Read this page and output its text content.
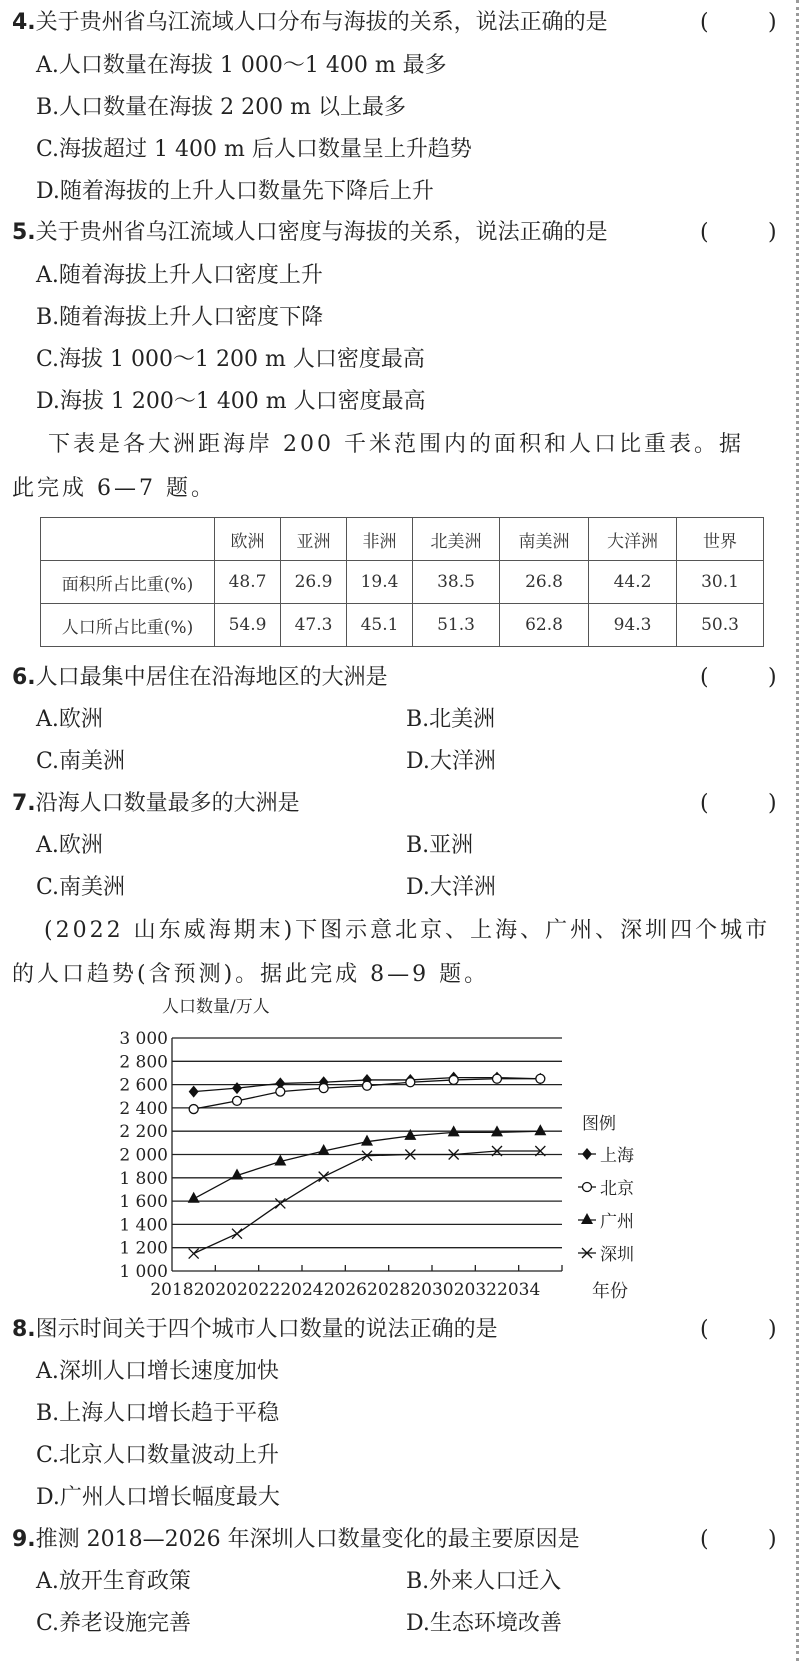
4.关于贵州省乌江流域人口分布与海拔的关系，说法正确的是	(	)
A.人口数量在海拔 1 000～1 400 m 最多
B.人口数量在海拔 2 200 m 以上最多
C.海拔超过 1 400 m 后人口数量呈上升趋势
D.随着海拔的上升人口数量先下降后上升
5.关于贵州省乌江流域人口密度与海拔的关系，说法正确的是	(	)
A.随着海拔上升人口密度上升
B.随着海拔上升人口密度下降
C.海拔 1 000～1 200 m 人口密度最高
D.海拔 1 200～1 400 m 人口密度最高
下表是各大洲距海岸 200 千米范围内的面积和人口比重表。据
此完成 6—7 题。
	欧洲	亚洲	非洲	北美洲	南美洲	大洋洲	世界
面积所占比重(%)	48.7	26.9	19.4	38.5	26.8	44.2	30.1
人口所占比重(%)	54.9	47.3	45.1	51.3	62.8	94.3	50.3
6.人口最集中居住在沿海地区的大洲是	(	)
A.欧洲	B.北美洲
C.南美洲	D.大洋洲
7.沿海人口数量最多的大洲是	(	)
A.欧洲	B.亚洲
C.南美洲	D.大洋洲
(2022 山东威海期末)下图示意北京、上海、广州、深圳四个城市
的人口趋势(含预测)。据此完成 8—9 题。
1 000
1 200
1 400
1 600
1 800
2 000
2 200
2 400
2 600
2 800
3 000
2018 2020 2022 2024 2026 2028 2030 2032 2034
人口数量/万人
年份
图例
上海
北京
广州
深圳
8.图示时间关于四个城市人口数量的说法正确的是	(	)
A.深圳人口增长速度加快
B.上海人口增长趋于平稳
C.北京人口数量波动上升
D.广州人口增长幅度最大
9.推测 2018—2026 年深圳人口数量变化的最主要原因是	(	)
A.放开生育政策	B.外来人口迁入
C.养老设施完善	D.生态环境改善
